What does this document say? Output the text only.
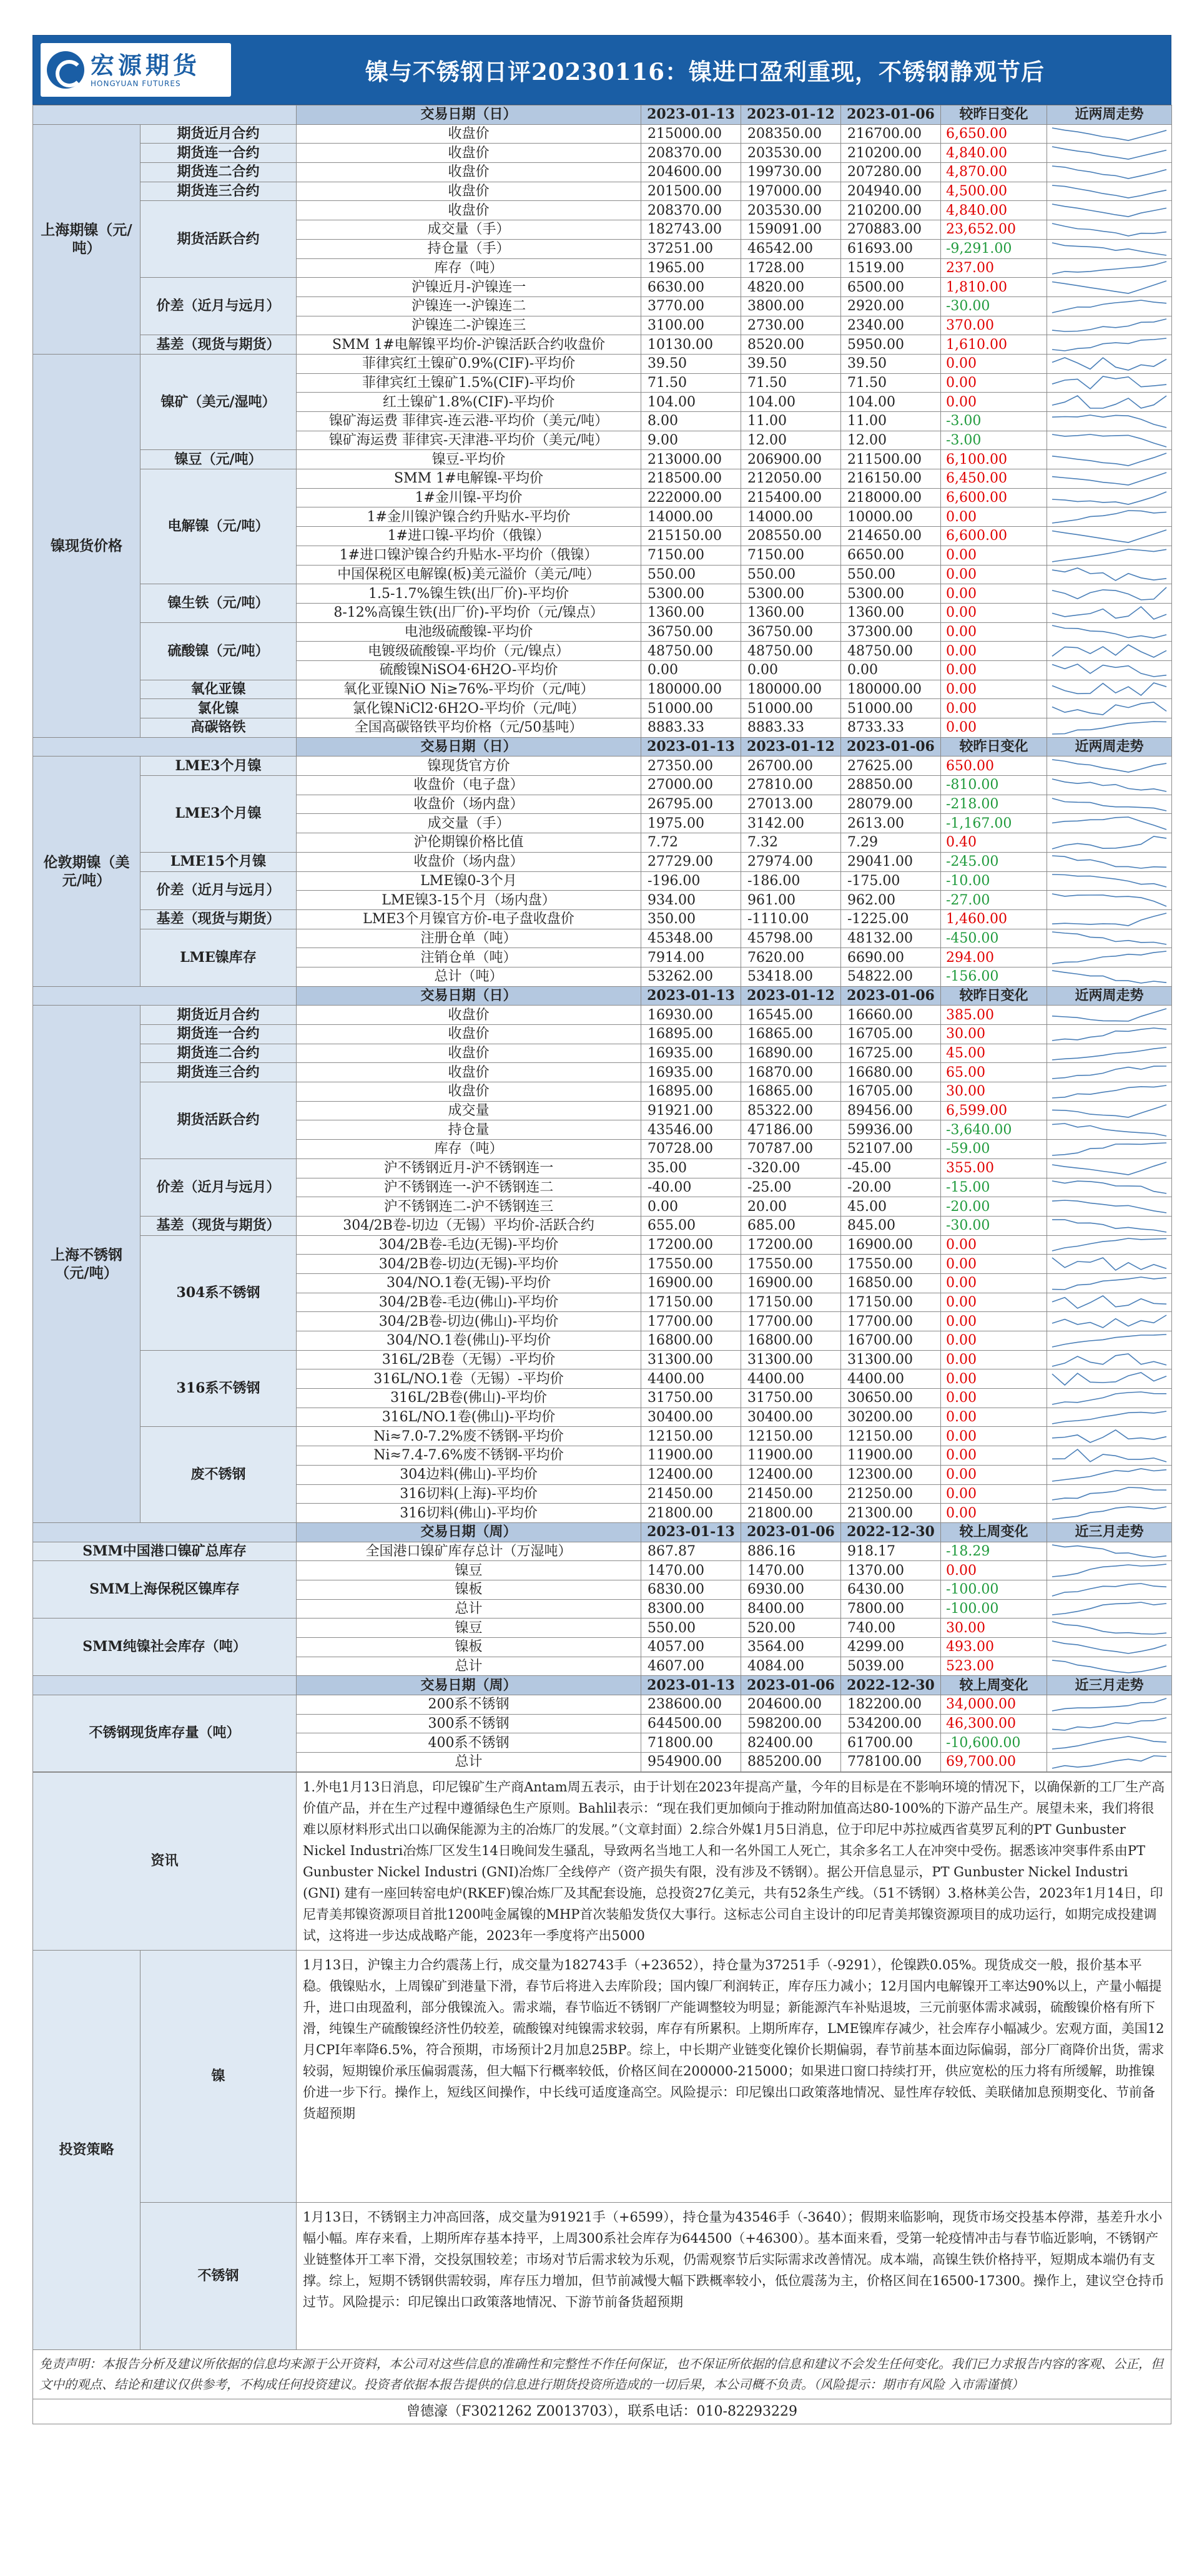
宏源期货
HONGYUAN FUTURES	镍与不锈钢日评20230116：镍进口盈利重现，不锈钢静观节后
		交易日期（日）	2023-01-13	2023-01-12	2023-01-06	较昨日变化	近两周走势
上海期镍（元/吨）	期货近月合约	收盘价	215000.00	208350.00	216700.00	6,650.00	

	期货连一合约	收盘价	208370.00	203530.00	210200.00	4,840.00	

	期货连二合约	收盘价	204600.00	199730.00	207280.00	4,870.00	

	期货连三合约	收盘价	201500.00	197000.00	204940.00	4,500.00	

	期货活跃合约	收盘价	208370.00	203530.00	210200.00	4,840.00	

		成交量（手）	182743.00	159091.00	270883.00	23,652.00	

		持仓量（手）	37251.00	46542.00	61693.00	-9,291.00	

		库存（吨）	1965.00	1728.00	1519.00	237.00	

	价差（近月与远月）	沪镍近月-沪镍连一	6630.00	4820.00	6500.00	1,810.00	

		沪镍连一-沪镍连二	3770.00	3800.00	2920.00	-30.00	

		沪镍连二-沪镍连三	3100.00	2730.00	2340.00	370.00	

	基差（现货与期货）	SMM 1#电解镍平均价-沪镍活跃合约收盘价	10130.00	8520.00	5950.00	1,610.00	

镍现货价格	镍矿（美元/湿吨）	菲律宾红土镍矿0.9%(CIF)-平均价	39.50	39.50	39.50	0.00	

		菲律宾红土镍矿1.5%(CIF)-平均价	71.50	71.50	71.50	0.00	

		红土镍矿1.8%(CIF)-平均价	104.00	104.00	104.00	0.00	

		镍矿海运费 菲律宾-连云港-平均价（美元/吨）	8.00	11.00	11.00	-3.00	

		镍矿海运费 菲律宾-天津港-平均价（美元/吨）	9.00	12.00	12.00	-3.00	

	镍豆（元/吨）	镍豆-平均价	213000.00	206900.00	211500.00	6,100.00	

	电解镍（元/吨）	SMM 1#电解镍-平均价	218500.00	212050.00	216150.00	6,450.00	

		1#金川镍-平均价	222000.00	215400.00	218000.00	6,600.00	

		1#金川镍沪镍合约升贴水-平均价	14000.00	14000.00	10000.00	0.00	

		1#进口镍-平均价（俄镍）	215150.00	208550.00	214650.00	6,600.00	

		1#进口镍沪镍合约升贴水-平均价（俄镍）	7150.00	7150.00	6650.00	0.00	

		中国保税区电解镍(板)美元溢价（美元/吨）	550.00	550.00	550.00	0.00	

	镍生铁（元/吨）	1.5-1.7%镍生铁(出厂价)-平均价	5300.00	5300.00	5300.00	0.00	

		8-12%高镍生铁(出厂价)-平均价（元/镍点）	1360.00	1360.00	1360.00	0.00	

	硫酸镍（元/吨）	电池级硫酸镍-平均价	36750.00	36750.00	37300.00	0.00	

		电镀级硫酸镍-平均价（元/镍点）	48750.00	48750.00	48750.00	0.00	

		硫酸镍NiSO4·6H2O-平均价	0.00	0.00	0.00	0.00	

	氧化亚镍	氧化亚镍NiO Ni≥76%-平均价（元/吨）	180000.00	180000.00	180000.00	0.00	

	氯化镍	氯化镍NiCl2·6H2O-平均价（元/吨）	51000.00	51000.00	51000.00	0.00	

	高碳铬铁	全国高碳铬铁平均价格（元/50基吨）	8883.33	8883.33	8733.33	0.00	

		交易日期（日）	2023-01-13	2023-01-12	2023-01-06	较昨日变化	近两周走势
伦敦期镍（美元/吨）	LME3个月镍	镍现货官方价	27350.00	26700.00	27625.00	650.00	

	LME3个月镍	收盘价（电子盘）	27000.00	27810.00	28850.00	-810.00	

		收盘价（场内盘）	26795.00	27013.00	28079.00	-218.00	

		成交量（手）	1975.00	3142.00	2613.00	-1,167.00	

		沪伦期镍价格比值	7.72	7.32	7.29	0.40	

	LME15个月镍	收盘价（场内盘）	27729.00	27974.00	29041.00	-245.00	

	价差（近月与远月）	LME镍0-3个月	-196.00	-186.00	-175.00	-10.00	

		LME镍3-15个月（场内盘）	934.00	961.00	962.00	-27.00	

	基差（现货与期货）	LME3个月镍官方价-电子盘收盘价	350.00	-1110.00	-1225.00	1,460.00	

	LME镍库存	注册仓单（吨）	45348.00	45798.00	48132.00	-450.00	

		注销仓单（吨）	7914.00	7620.00	6690.00	294.00	

		总计（吨）	53262.00	53418.00	54822.00	-156.00	

		交易日期（日）	2023-01-13	2023-01-12	2023-01-06	较昨日变化	近两周走势
上海不锈钢（元/吨）	期货近月合约	收盘价	16930.00	16545.00	16660.00	385.00	

	期货连一合约	收盘价	16895.00	16865.00	16705.00	30.00	

	期货连二合约	收盘价	16935.00	16890.00	16725.00	45.00	

	期货连三合约	收盘价	16935.00	16870.00	16680.00	65.00	

	期货活跃合约	收盘价	16895.00	16865.00	16705.00	30.00	

		成交量	91921.00	85322.00	89456.00	6,599.00	

		持仓量	43546.00	47186.00	59936.00	-3,640.00	

		库存（吨）	70728.00	70787.00	52107.00	-59.00	

	价差（近月与远月）	沪不锈钢近月-沪不锈钢连一	35.00	-320.00	-45.00	355.00	

		沪不锈钢连一-沪不锈钢连二	-40.00	-25.00	-20.00	-15.00	

		沪不锈钢连二-沪不锈钢连三	0.00	20.00	45.00	-20.00	

	基差（现货与期货）	304/2B卷-切边（无锡）平均价-活跃合约	655.00	685.00	845.00	-30.00	

	304系不锈钢	304/2B卷-毛边(无锡)-平均价	17200.00	17200.00	16900.00	0.00	

		304/2B卷-切边(无锡)-平均价	17550.00	17550.00	17550.00	0.00	

		304/NO.1卷(无锡)-平均价	16900.00	16900.00	16850.00	0.00	

		304/2B卷-毛边(佛山)-平均价	17150.00	17150.00	17150.00	0.00	

		304/2B卷-切边(佛山)-平均价	17700.00	17700.00	17700.00	0.00	

		304/NO.1卷(佛山)-平均价	16800.00	16800.00	16700.00	0.00	

	316系不锈钢	316L/2B卷（无锡）-平均价	31300.00	31300.00	31300.00	0.00	

		316L/NO.1卷（无锡）-平均价	4400.00	4400.00	4400.00	0.00	

		316L/2B卷(佛山)-平均价	31750.00	31750.00	30650.00	0.00	

		316L/NO.1卷(佛山)-平均价	30400.00	30400.00	30200.00	0.00	

	废不锈钢	Ni≈7.0-7.2%废不锈钢-平均价	12150.00	12150.00	12150.00	0.00	

		Ni≈7.4-7.6%废不锈钢-平均价	11900.00	11900.00	11900.00	0.00	

		304边料(佛山)-平均价	12400.00	12400.00	12300.00	0.00	

		316切料(上海)-平均价	21450.00	21450.00	21250.00	0.00	

		316切料(佛山)-平均价	21800.00	21800.00	21300.00	0.00	

		交易日期（周）	2023-01-13	2023-01-06	2022-12-30	较上周变化	近三月走势
SMM中国港口镍矿总库存		全国港口镍矿库存总计（万湿吨）	867.87	886.16	918.17	-18.29	

SMM上海保税区镍库存		镍豆	1470.00	1470.00	1370.00	0.00	

		镍板	6830.00	6930.00	6430.00	-100.00	

		总计	8300.00	8400.00	7800.00	-100.00	

SMM纯镍社会库存（吨）		镍豆	550.00	520.00	740.00	30.00	

		镍板	4057.00	3564.00	4299.00	493.00	

		总计	4607.00	4084.00	5039.00	523.00	

		交易日期（周）	2023-01-13	2023-01-06	2022-12-30	较上周变化	近三月走势
不锈钢现货库存量（吨）		200系不锈钢	238600.00	204600.00	182200.00	34,000.00	

		300系不锈钢	644500.00	598200.00	534200.00	46,300.00	

		400系不锈钢	71800.00	82400.00	61700.00	-10,600.00	

		总计	954900.00	885200.00	778100.00	69,700.00	
资讯		1.外电1月13日消息，印尼镍矿生产商Antam周五表示，由于计划在2023年提高产量，今年的目标是在不影响环境的情况下，以确保新的工厂生产高价值产品，并在生产过程中遵循绿色生产原则。Bahlil表示：“现在我们更加倾向于推动附加值高达80-100%的下游产品生产。展望未来，我们将很难以原材料形式出口以确保能源为主的冶炼厂的发展。”（文章封面）2.综合外媒1月5日消息，位于印尼中苏拉威西省莫罗瓦利的PT Gunbuster Nickel Industri冶炼厂区发生14日晚间发生骚乱，导致两名当地工人和一名外国工人死亡，其余多名工人在冲突中受伤。据悉该冲突事件系由PT Gunbuster Nickel Industri (GNI)冶炼厂全线停产（资产损失有限，没有涉及不锈钢）。据公开信息显示，PT Gunbuster Nickel Industri (GNI) 建有一座回转窑电炉(RKEF)镍冶炼厂及其配套设施，总投资27亿美元，共有52条生产线。（51不锈钢）3.格林美公告，2023年1月14日，印尼青美邦镍资源项目首批1200吨金属镍的MHP首次装船发货仅大事行。这标志公司自主设计的印尼青美邦镍资源项目的成功运行，如期完成投建调试，这将进一步达成战略产能，2023年一季度将产出5000
投资策略	镍	1月13日，沪镍主力合约震荡上行，成交量为182743手（+23652），持仓量为37251手（-9291），伦镍跌0.05%。现货成交一般，报价基本平稳。俄镍贴水，上周镍矿到港量下滑，春节后将进入去库阶段；国内镍厂利润转正，库存压力减小；12月国内电解镍开工率达90%以上，产量小幅提升，进口由现盈利，部分俄镍流入。需求端，春节临近不锈钢厂产能调整较为明显；新能源汽车补贴退坡，三元前驱体需求减弱，硫酸镍价格有所下滑，纯镍生产硫酸镍经济性仍较差，硫酸镍对纯镍需求较弱，库存有所累积。上期所库存，LME镍库存减少，社会库存小幅减少。宏观方面，美国12月CPI年率降6.5%，符合预期，市场预计2月加息25BP。综上，中长期产业链变化镍价长期偏弱，春节前基本面边际偏弱，部分厂商降价出货，需求较弱，短期镍价承压偏弱震荡，但大幅下行概率较低，价格区间在200000-215000；如果进口窗口持续打开，供应宽松的压力将有所缓解，助推镍价进一步下行。操作上，短线区间操作，中长线可适度逢高空。风险提示：印尼镍出口政策落地情况、显性库存较低、美联储加息预期变化、节前备货超预期
	不锈钢	1月13日，不锈钢主力冲高回落，成交量为91921手（+6599），持仓量为43546手（-3640）；假期来临影响，现货市场交投基本停滞，基差升水小幅小幅。库存来看，上期所库存基本持平，上周300系社会库存为644500（+46300）。基本面来看，受第一轮疫情冲击与春节临近影响，不锈钢产业链整体开工率下滑，交投氛围较差；市场对节后需求较为乐观，仍需观察节后实际需求改善情况。成本端，高镍生铁价格持平，短期成本端仍有支撑。综上，短期不锈钢供需较弱，库存压力增加，但节前减慢大幅下跌概率较小，低位震荡为主，价格区间在16500-17300。操作上，建议空仓持币过节。风险提示：印尼镍出口政策落地情况、下游节前备货超预期
免责声明：本报告分析及建议所依据的信息均来源于公开资料，本公司对这些信息的准确性和完整性不作任何保证，也不保证所依据的信息和建议不会发生任何变化。我们已力求报告内容的客观、公正，但文中的观点、结论和建议仅供参考，不构成任何投资建议。投资者依据本报告提供的信息进行期货投资所造成的一切后果，本公司概不负责。（风险提示：期市有风险 入市需谨慎）
曾德濠（F3021262 Z0013703），联系电话：010-82293229
